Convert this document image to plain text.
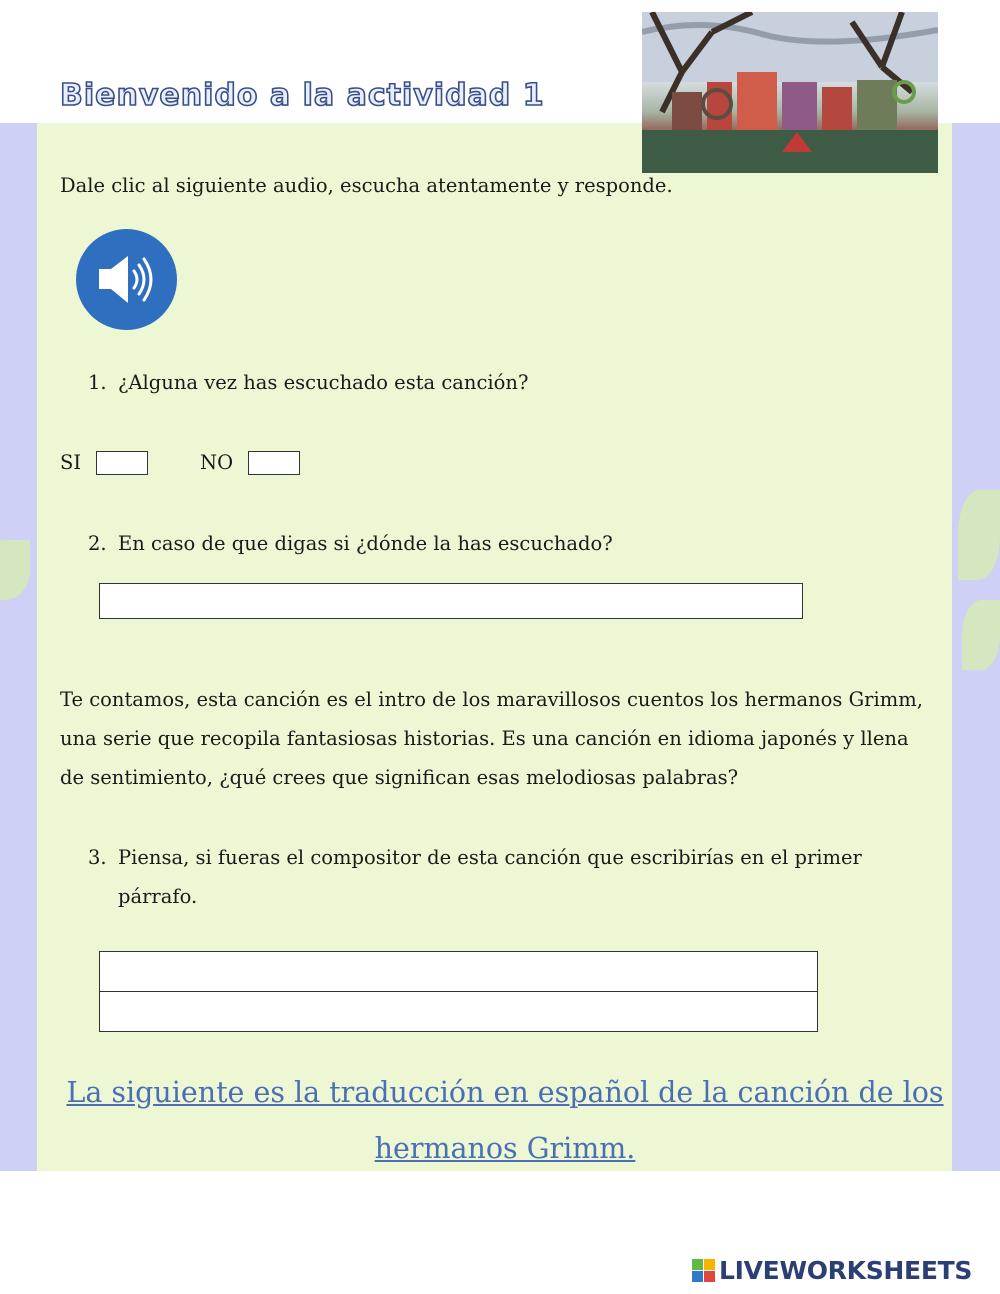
Bienvenido a la actividad 1
Dale clic al siguiente audio, escucha atentamente y responde.
1. ¿Alguna vez has escuchado esta canción?
SI	NO
2. En caso de que digas si ¿dónde la has escuchado?
Te contamos, esta canción es el intro de los maravillosos cuentos los hermanos Grimm,
una serie que recopila fantasiosas historias. Es una canción en idioma japonés y llena
de sentimiento, ¿qué crees que significan esas melodiosas palabras?
3. Piensa, si fueras el compositor de esta canción que escribirías en el primer
párrafo.
La siguiente es la traducción en español de la canción de los
hermanos Grimm.
LIVEWORKSHEETS
